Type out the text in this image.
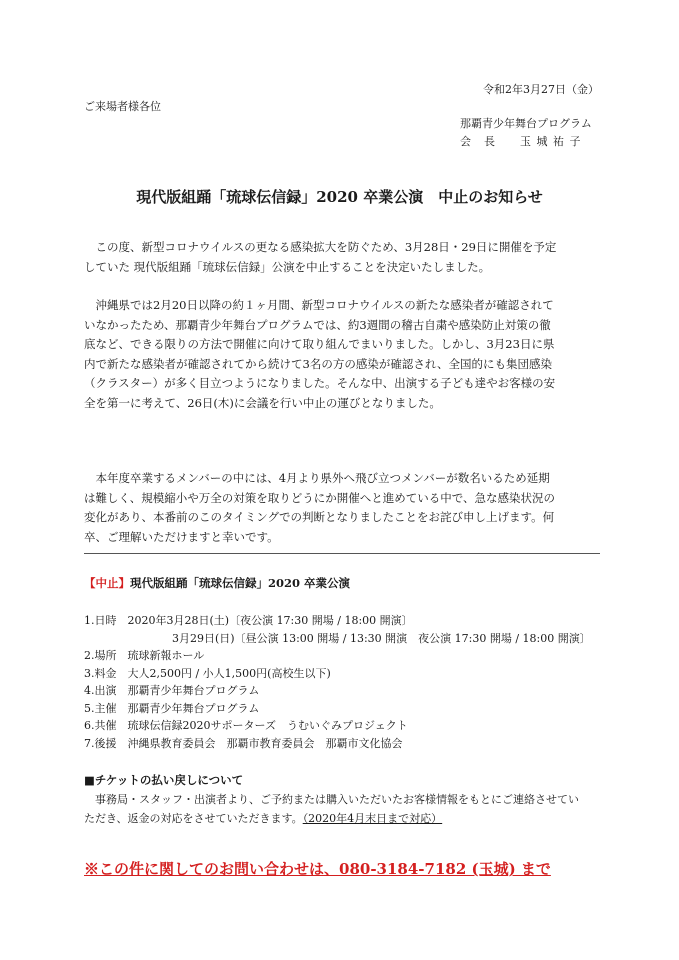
令和2年3月27日（金）
ご来場者様各位
那覇青少年舞台プログラム
会　長　　玉 城 祐 子
現代版組踊「琉球伝信録」2020 卒業公演　中止のお知らせ
　この度、新型コロナウイルスの更なる感染拡大を防ぐため、3月28日・29日に開催を予定
していた 現代版組踊「琉球伝信録」公演を中止することを決定いたしました。
　沖縄県では2月20日以降の約１ヶ月間、新型コロナウイルスの新たな感染者が確認されて
いなかったため、那覇青少年舞台プログラムでは、約3週間の稽古自粛や感染防止対策の徹
底など、できる限りの方法で開催に向けて取り組んでまいりました。しかし、3月23日に県
内で新たな感染者が確認されてから続けて3名の方の感染が確認され、全国的にも集団感染
（クラスター）が多く目立つようになりました。そんな中、出演する子ども達やお客様の安
全を第一に考えて、26日(木)に会議を行い中止の運びとなりました。
　本年度卒業するメンバーの中には、4月より県外へ飛び立つメンバーが数名いるため延期
は難しく、規模縮小や万全の対策を取りどうにか開催へと進めている中で、急な感染状況の
変化があり、本番前のこのタイミングでの判断となりましたことをお詫び申し上げます。何
卒、ご理解いただけますと幸いです。
【中止】現代版組踊「琉球伝信録」2020 卒業公演
1.日時　2020年3月28日(土)〔夜公演 17:30 開場 / 18:00 開演〕
　　　　　　　　3月29日(日)〔昼公演 13:00 開場 / 13:30 開演　夜公演 17:30 開場 / 18:00 開演〕
2.場所　琉球新報ホール
3.料金　大人2,500円 / 小人1,500円(高校生以下)
4.出演　那覇青少年舞台プログラム
5.主催　那覇青少年舞台プログラム
6.共催　琉球伝信録2020サポーターズ　うむいぐみプロジェクト
7.後援　沖縄県教育委員会　那覇市教育委員会　那覇市文化協会
■チケットの払い戻しについて
　事務局・スタッフ・出演者より、ご予約または購入いただいたお客様情報をもとにご連絡させてい
ただき、返金の対応をさせていただきます。（2020年4月末日まで対応）
※この件に関してのお問い合わせは、080-3184-7182 (玉城) まで
